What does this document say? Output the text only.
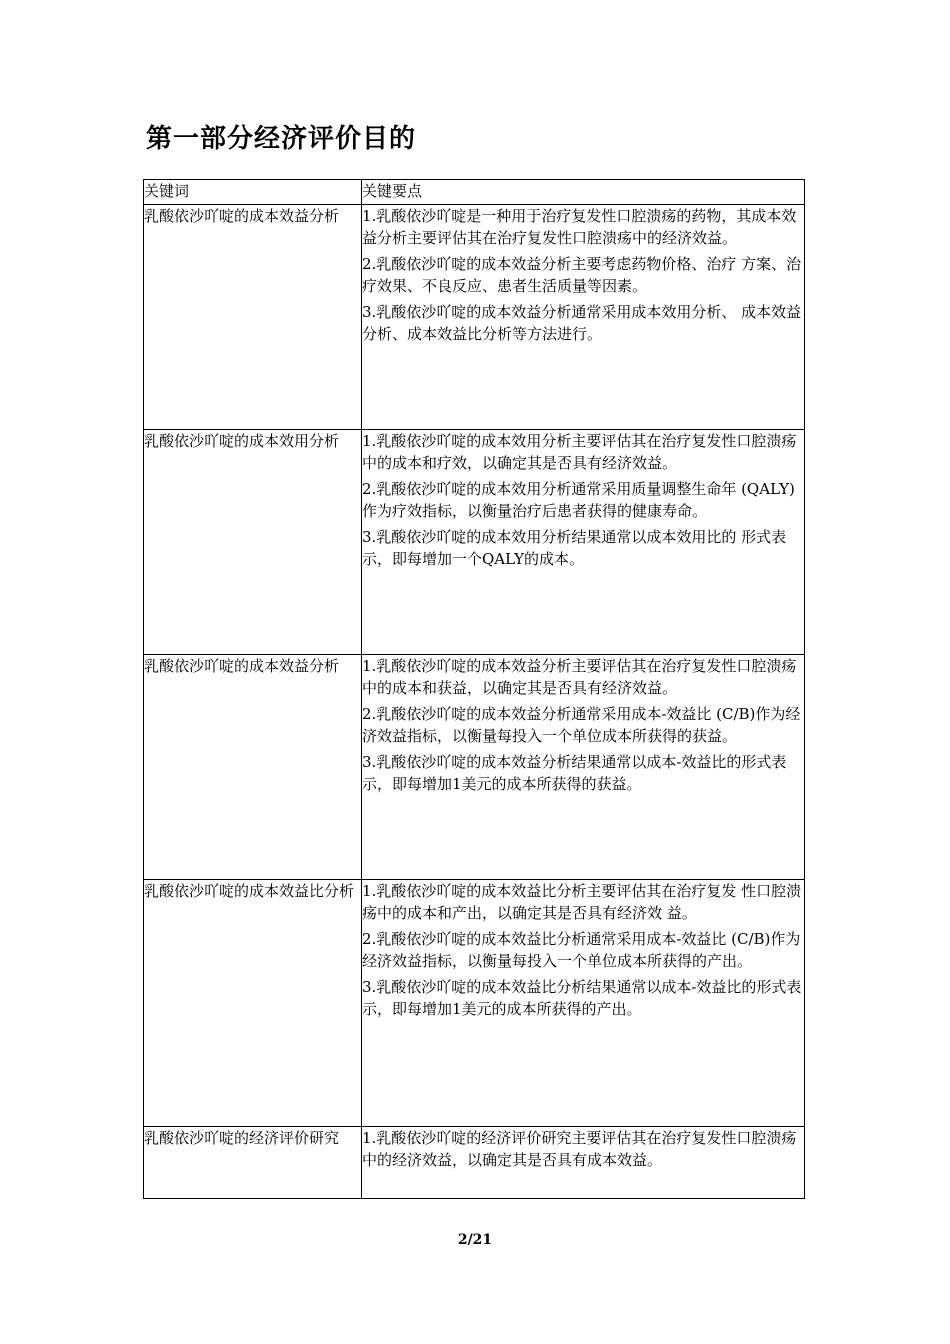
第一部分经济评价目的
关键词	关键要点
乳酸依沙吖啶的成本效益分析	1.乳酸依沙吖啶是一种用于治疗复发性口腔溃疡的药物，其成本效益分析主要评估其在治疗复发性口腔溃疡中的经济效益。

2.乳酸依沙吖啶的成本效益分析主要考虑药物价格、治疗 方案、治疗效果、不良反应、患者生活质量等因素。

3.乳酸依沙吖啶的成本效益分析通常采用成本效用分析、 成本效益分析、成本效益比分析等方法进行。

乳酸依沙吖啶的成本效用分析	1.乳酸依沙吖啶的成本效用分析主要评估其在治疗复发性口腔溃疡中的成本和疗效，以确定其是否具有经济效益。

2.乳酸依沙吖啶的成本效用分析通常采用质量调整生命年 (QALY)作为疗效指标，以衡量治疗后患者获得的健康寿命。

3.乳酸依沙吖啶的成本效用分析结果通常以成本效用比的 形式表示，即每增加一个QALY的成本。

乳酸依沙吖啶的成本效益分析	1.乳酸依沙吖啶的成本效益分析主要评估其在治疗复发性口腔溃疡中的成本和获益，以确定其是否具有经济效益。

2.乳酸依沙吖啶的成本效益分析通常采用成本-效益比 (C/B)作为经济效益指标，以衡量每投入一个单位成本所获得的获益。

3.乳酸依沙吖啶的成本效益分析结果通常以成本-效益比的形式表示，即每增加1美元的成本所获得的获益。

乳酸依沙吖啶的成本效益比分析	1.乳酸依沙吖啶的成本效益比分析主要评估其在治疗复发 性口腔溃疡中的成本和产出，以确定其是否具有经济效 益。

2.乳酸依沙吖啶的成本效益比分析通常采用成本-效益比 (C/B)作为经济效益指标，以衡量每投入一个单位成本所获得的产出。

3.乳酸依沙吖啶的成本效益比分析结果通常以成本-效益比的形式表示，即每增加1美元的成本所获得的产出。

乳酸依沙吖啶的经济评价研究	1.乳酸依沙吖啶的经济评价研究主要评估其在治疗复发性口腔溃疡中的经济效益，以确定其是否具有成本效益。

2/21
